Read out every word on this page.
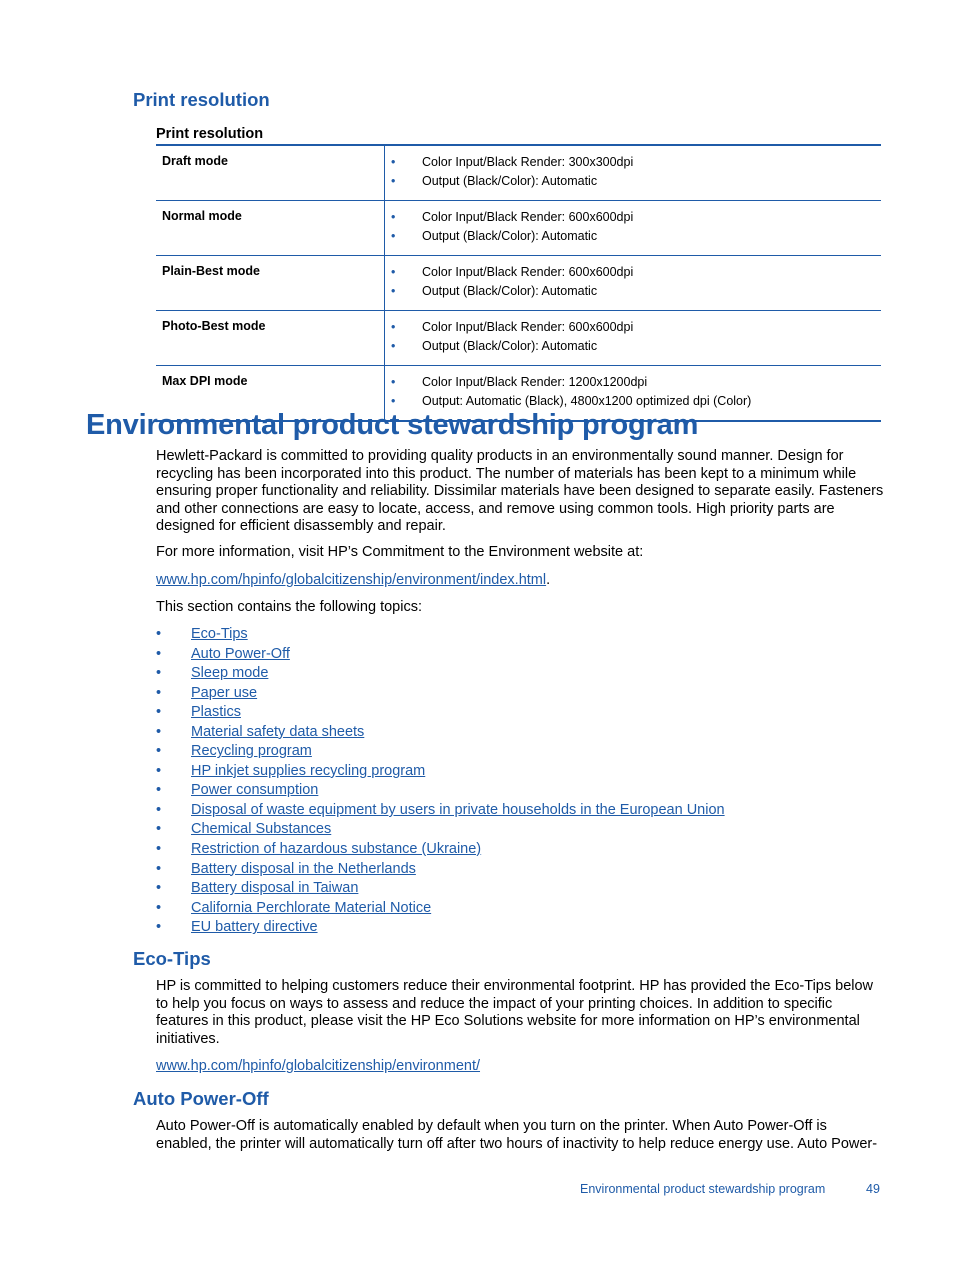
Print resolution

Print resolution

Draft mode	• Color Input/Black Render: 300x300dpi
• Output (Black/Color): Automatic

Normal mode	• Color Input/Black Render: 600x600dpi
• Output (Black/Color): Automatic

Plain-Best mode	• Color Input/Black Render: 600x600dpi
• Output (Black/Color): Automatic

Photo-Best mode	• Color Input/Black Render: 600x600dpi
• Output (Black/Color): Automatic

Max DPI mode	• Color Input/Black Render: 1200x1200dpi
• Output: Automatic (Black), 4800x1200 optimized dpi (Color)
Environmental product stewardship program

Hewlett-Packard is committed to providing quality products in an environmentally sound manner. Design for recycling has been incorporated into this product. The number of materials has been kept to a minimum while ensuring proper functionality and reliability. Dissimilar materials have been designed to separate easily. Fasteners and other connections are easy to locate, access, and remove using common tools. High priority parts are designed for efficient disassembly and repair.

For more information, visit HP’s Commitment to the Environment website at:

www.hp.com/hpinfo/globalcitizenship/environment/index.html.

This section contains the following topics:

•	Eco-Tips
•	Auto Power-Off
•	Sleep mode
•	Paper use
•	Plastics
•	Material safety data sheets
•	Recycling program
•	HP inkjet supplies recycling program
•	Power consumption
•	Disposal of waste equipment by users in private households in the European Union
•	Chemical Substances
•	Restriction of hazardous substance (Ukraine)
•	Battery disposal in the Netherlands
•	Battery disposal in Taiwan
•	California Perchlorate Material Notice
•	EU battery directive
Eco-Tips

HP is committed to helping customers reduce their environmental footprint. HP has provided the Eco-Tips below to help you focus on ways to assess and reduce the impact of your printing choices. In addition to specific features in this product, please visit the HP Eco Solutions website for more information on HP’s environmental initiatives.

www.hp.com/hpinfo/globalcitizenship/environment/

Auto Power-Off

Auto Power-Off is automatically enabled by default when you turn on the printer. When Auto Power-Off is enabled, the printer will automatically turn off after two hours of inactivity to help reduce energy use. Auto Power-

Environmental product stewardship program	49
